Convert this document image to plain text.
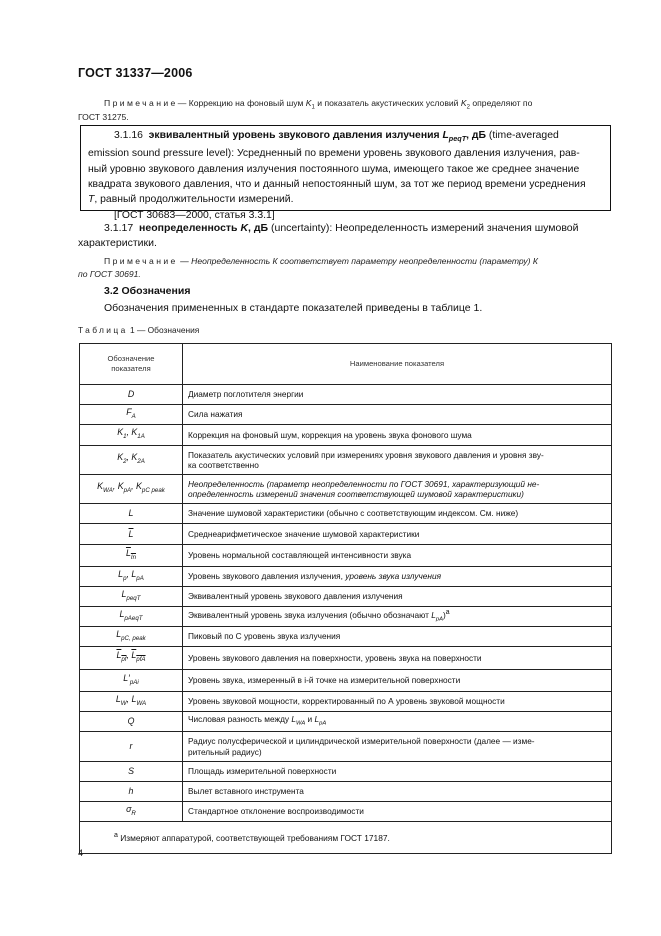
ГОСТ 31337—2006
Примечание— Коррекцию на фоновый шум $K_1$ и показатель акустических условий $K_2$ определяют по
ГОСТ 31275.
3.1.16 эквивалентный уровень звукового давления излучения $L_{peqT}$, дБ (time-averaged
emission sound pressure level): Усредненный по времени уровень звукового давления излучения, рав-
ный уровню звукового давления излучения постоянного шума, имеющего такое же среднее значение
квадрата звукового давления, что и данный непостоянный шум, за тот же период времени усреднения
T, равный продолжительности измерений.
[ГОСТ 30683—2000, статья 3.3.1]
3.1.17 неопределенность K, дБ (uncertainty): Неопределенность измерений значения шумовой
характеристики.
Примечание — Неопределенность К соответствует параметру неопределенности (параметру) К
по ГОСТ 30691.
3.2 Обозначения
Обозначения примененных в стандарте показателей приведены в таблице 1.
Таблица 1 — Обозначения
Обозначение
показателя	Наименование показателя
D	Диаметр поглотителя энергии
$F_A$	Сила нажатия
$K_1$, $K_{1A}$	Коррекция на фоновый шум, коррекция на уровень звука фонового шума
$K_2$, $K_{2A}$	Показатель акустических условий при измерениях уровня звукового давления и уровня зву-
ка соответственно

$K_{WA}$, $K_{pA}$, $K_{pC peak}$	Неопределенность (параметр неопределенности по ГОСТ 30691, характеризующий не-
определенность измерений значения соответствующей шумовой характеристики)

L	Значение шумовой характеристики (обычно с соответствующим индексом. См. ниже)
$\overline{L}$	Среднеарифметическое значение шумовой характеристики
$L_{In}$	Уровень нормальной составляющей интенсивности звука
$L_p$, $L_{pA}$	Уровень звукового давления излучения, уровень звука излучения
$L_{peqT}$	Эквивалентный уровень звукового давления излучения
$L_{pAeqT}$	Эквивалентный уровень звука излучения (обычно обозначают $L_{pA})^а$
$L_{pC, peak}$	Пиковый по С уровень звука излучения
$L_{pf}$, $L_{pfA}$	Уровень звукового давления на поверхности, уровень звука на поверхности
$L'_{pAi}$	Уровень звука, измеренный в i-й точке на измерительной поверхности
$L_W$, $L_{WA}$	Уровень звуковой мощности, корректированный по А уровень звуковой мощности
Q	Числовая разность между $L_{WA}$ и $L_{pA}$
r	Радиус полусферической и цилиндрической измерительной поверхности (далее — изме-
рительный радиус)

S	Площадь измерительной поверхности
h	Вылет вставного инструмента
$\sigma_R$	Стандартное отклонение воспроизводимости
$^а$ Измеряют аппаратурой, соответствующей требованиям ГОСТ 17187.	
4
